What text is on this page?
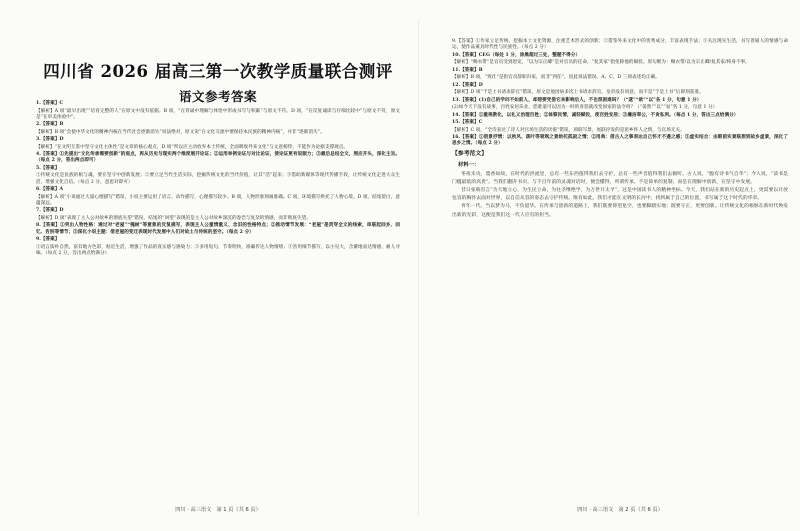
四川省 2026 届高三第一次教学质量联合测评
语文参考答案
1.【答案】C
【解析】A 项“最早出现”“培育完整的人”在原文中没有依据。B 项，“在背诵中理解与体悟中形成书写与积累”与原文不符。D 项，“在反复诵读与仔细比较中”与原文不符，原文是“在审美体验中”。
2.【答案】B
【解析】B 项“会使中华文化的精神内核在当代社会逐渐消失”说法绝对，原文说“在文化交流中要保持本民族的精神内核”，并非“逐渐消失”。
3.【答案】D
【解析】“在文明互鉴中坚守文化主体性”是文章的核心观点，D 项“所以应主动放弃本土传统，全面吸收外来文化”与文意相悖，不能作为论据支撑观点。
4.【答案】①先提出“文化传承需要创新”的观点，再从历史与现实两个维度展开论证；②运用举例论证与对比论证，使论证更有说服力；③最后总结全文，照应开头，深化主旨。（每点 2 分，答出两点即可）
5.【答案】
①传统文化是民族的根与魂，要在坚守中创新发展；②要立足当代生活实际，挖掘传统文化的当代价值，让其“活”起来；③借助新媒体等现代传播手段，让传统文化走进大众生活，增强文化自信。（每点 2 分，意思对即可）
6.【答案】A
【解析】A 项“小说通过大量心理描写”错误，小说主要运用了语言、动作描写，心理描写较少。B 项，人物形象刻画准确。C 项，环境描写烘托了人物心境。D 项，结尾留白，意蕴深远。
7.【答案】D
【解析】D 项“表现了主人公对故乡的彻底失望”错误，结尾的“回望”表现的是主人公对故乡深沉的眷恋与复杂的情感，而非彻底失望。
8.【答案】①突出人物性格：通过对“老屋”“槐树”等意象的反复描写，表现主人公重情重义、念旧的性格特点；②推动情节发展：“老屋”是贯穿全文的线索，串联起回乡、回忆、告别等情节；③深化小说主题：借老屋的变迁表现时代发展中人们对故土与传统的坚守。（每点 2 分）
9.【答案】
①语言质朴自然，富有地方色彩，贴近生活，增强了作品的真实感与感染力；②多用短句，节奏明快，准确传达人物情绪；③善用细节描写，以小见大，含蓄地表达情感，耐人寻味。（每点 2 分，答出两点给满分）
四川 · 高三语文　第 1 页（共 6 页）
9.【答案】①作家立足传统，挖掘本土文化资源，注重艺术形式的创新；②借鉴外来文化中的优秀成分，丰富表现手法；③关注现实生活，书写普通人的情感与命运，使作品兼具时代性与民族性。（每点 2 分）
10.【答案】CEG（每处 1 分，涂黑超过三处，整题不得分）
【解析】“赐衣带”是官员受到恩宠，“以为宗正卿”是对官员的任命，“复其家”指免除他的赋役。原句断为：赐衣带/以为宗正卿/复其家/终身不事。
11.【答案】B
【解析】B 项，“致仕”是指官员辞职归家，而非“到任”，因此说法错误。A、C、D 三项表述均正确。
12.【答案】D
【解析】D 项“于是上书请求辞官”错误，原文是他因病多次上书请求辞官，皇帝没有同意，而不是“于是上书”后即刻获准。
13.【答案】(1)自己的学问不如前人，却想要凭借它来影响后人，不也很困难吗？（“逮”“欲”“以”各 1 分，句意 1 分）
(2)如今天下没有战事，百姓安居乐业，您难道可以因为一时的喜怒就改变国家的法令吗？（“晏然”“以”“易”各 1 分，句意 1 分）
14.【答案】①重视教化，以礼义治理百姓；②体察民情，减轻赋役，使百姓安居；③廉洁奉公，不贪私利。（每点 1 分，答出三点给满分）
15.【答案】C
【解析】C 项，“全诗表达了诗人对官场生活的厌倦”错误，颈联写景，尾联抒发的是思乡怀人之情，与官场无关。
16.【答案】①借景抒情：以秋风、落叶等衰飒之景烘托孤寂之情；②用典：借古人之事表达自己怀才不遇之感；③虚实结合：由眼前实景联想到故乡虚景，深化了思乡之情。（每点 2 分）
【参考范文】
材料一：
冬夜未央，墨香如故。在时代的洪流里，总有一些东西值得我们去守护，总有一些声音值得我们去倾听。古人说，“腹有诗书气自华”；今人说，“读书是门槛最低的高贵”。当我们翻开书页，与千百年前的灵魂对话时，便会懂得，所谓传承，不是简单的复制，而是在理解中创新，在坚守中发展。
昔日张载有言“为天地立心，为生民立命，为往圣继绝学，为万世开太平”，这是中国读书人的精神坐标。今天，我们站在新的历史起点上，更需要以开放包容的胸怀去面对世界，以自信从容的姿态去守护传统。唯有如此，我们才能在文明的长河中，找到属于自己的位置，书写属于这个时代的华章。
青年一代，当以梦为马，不负韶华。在传承与创新的道路上，我们既要仰望星空，也要脚踏实地；既要守正，更要创新。让传统文化的根脉在新时代焕发出新的光彩，这便是我们这一代人应有的担当。
四川 · 高三语文　第 2 页（共 6 页）
